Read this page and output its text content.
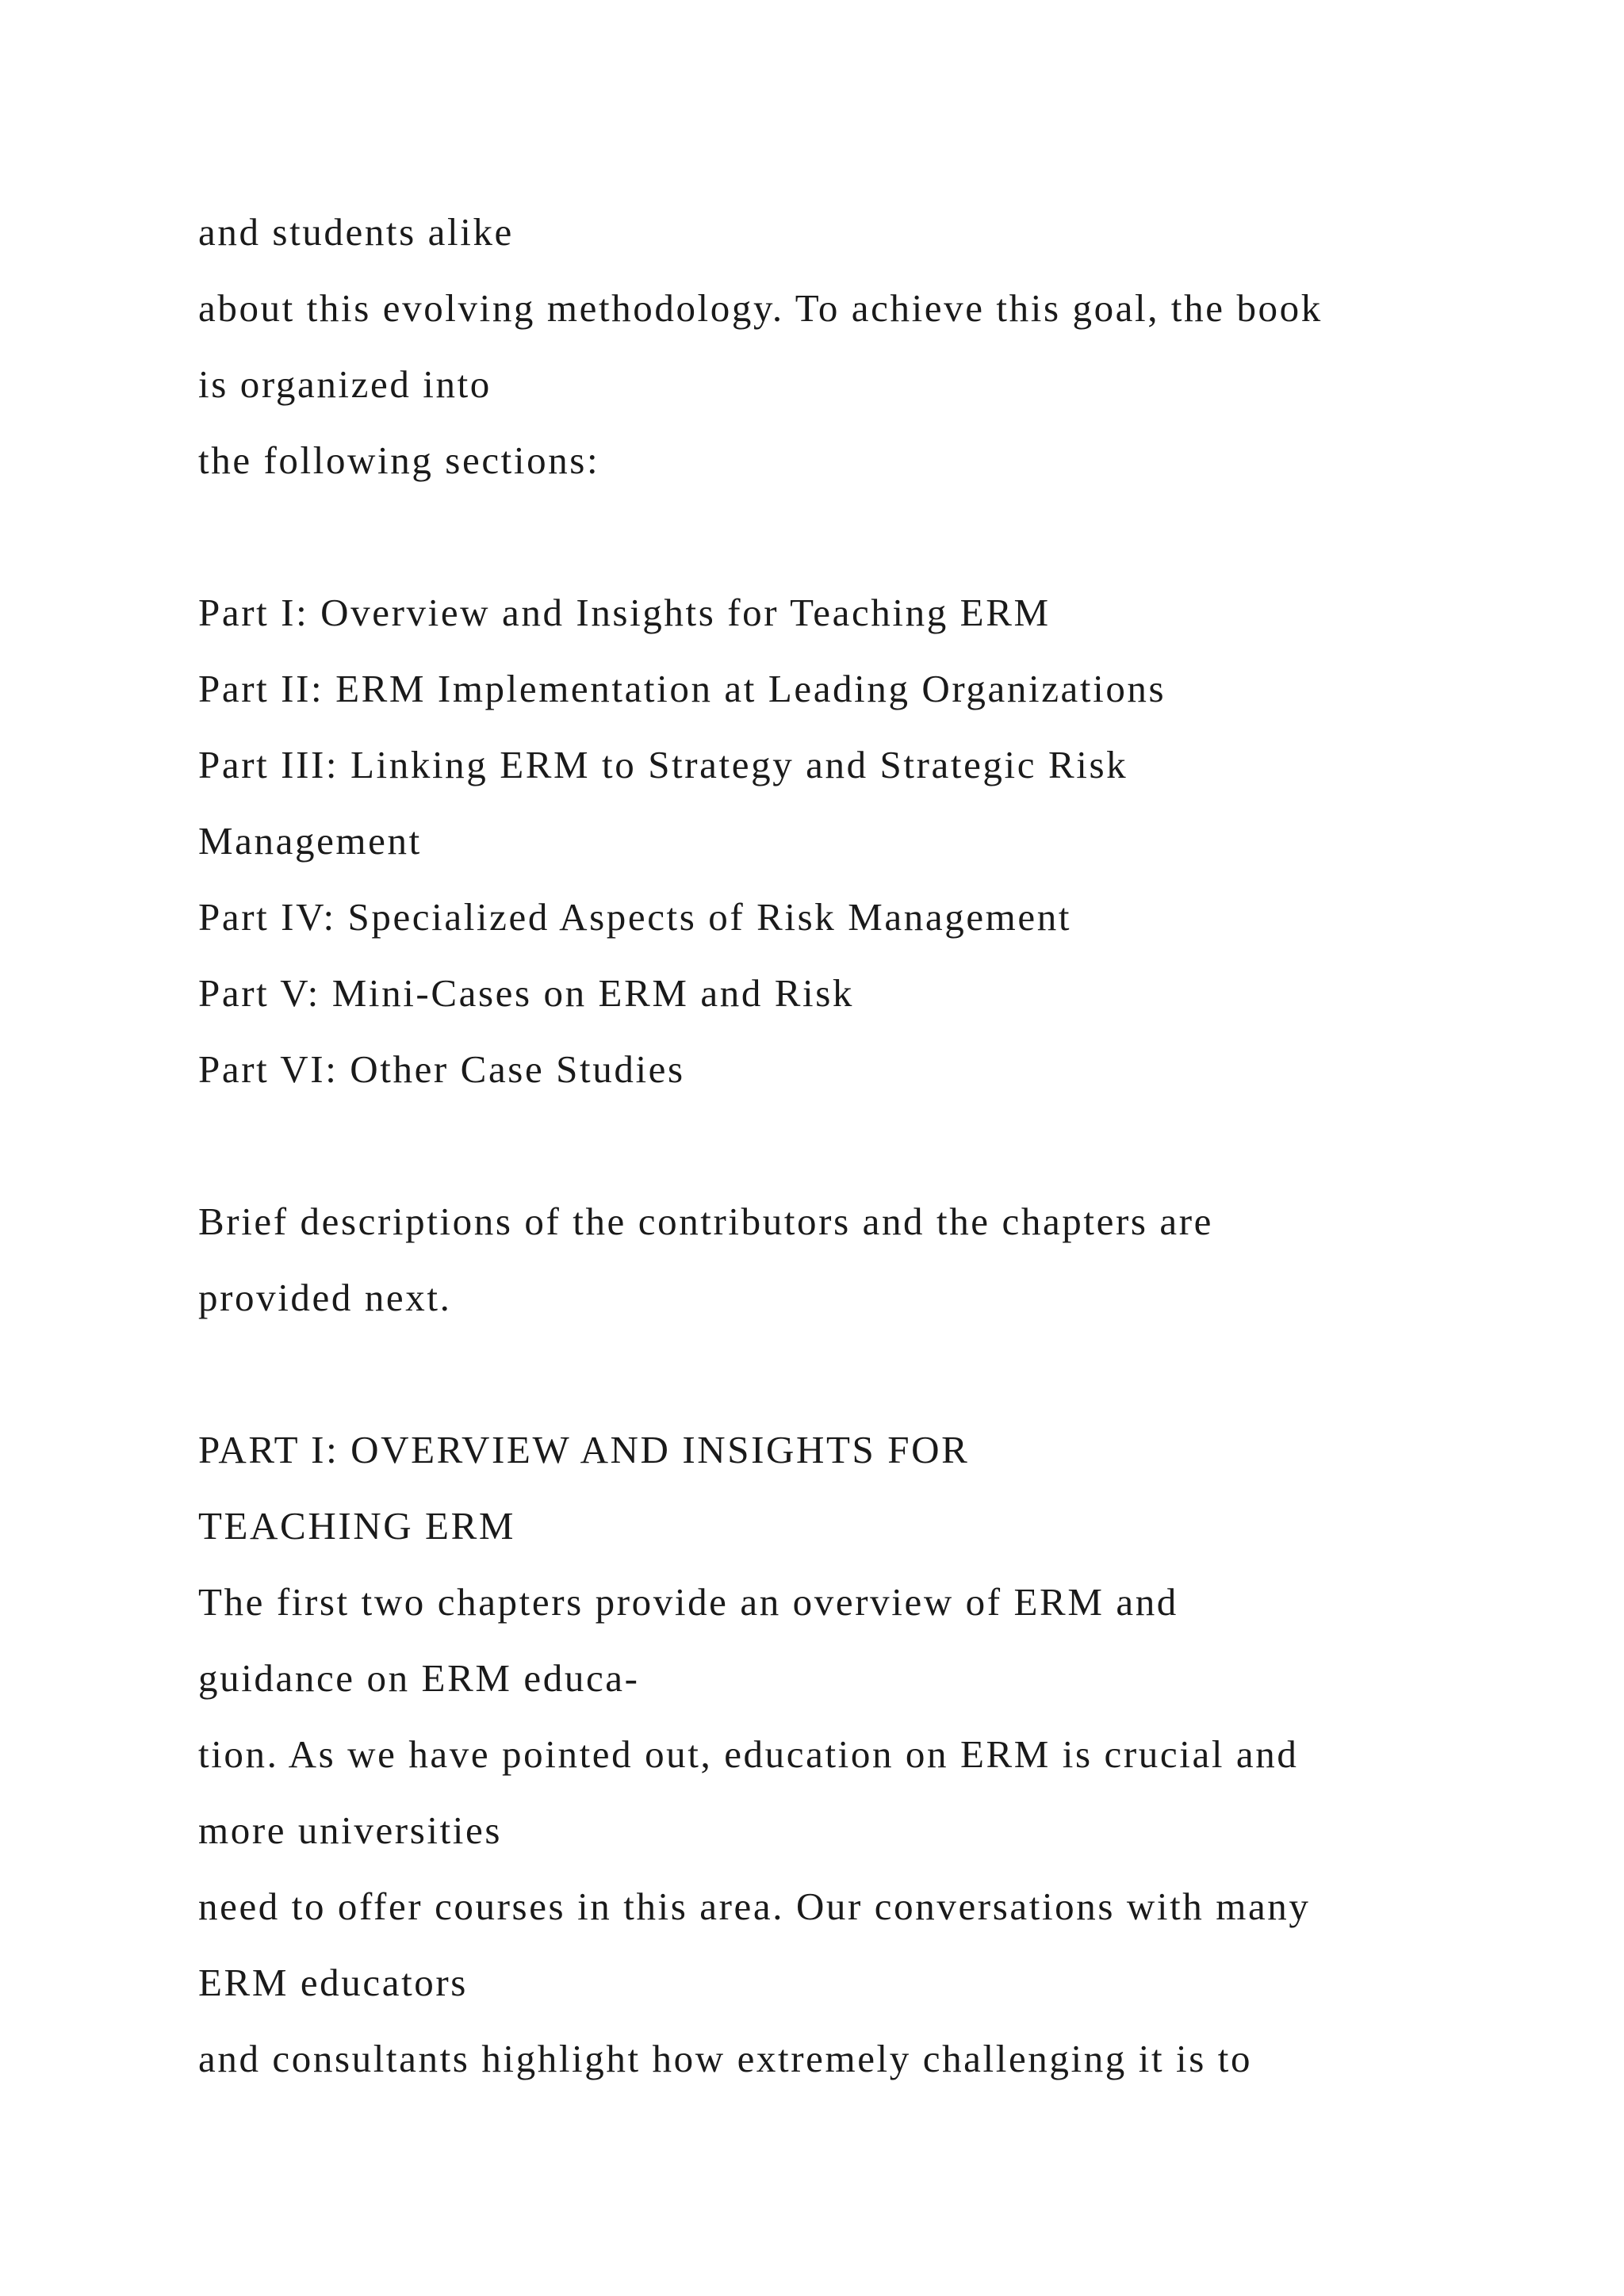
and students alike
about this evolving methodology. To achieve this goal, the book
is organized into
the following sections:
Part I: Overview and Insights for Teaching ERM
Part II: ERM Implementation at Leading Organizations
Part III: Linking ERM to Strategy and Strategic Risk
Management
Part IV: Specialized Aspects of Risk Management
Part V: Mini-Cases on ERM and Risk
Part VI: Other Case Studies
Brief descriptions of the contributors and the chapters are
provided next.
PART I: OVERVIEW AND INSIGHTS FOR
TEACHING ERM
The first two chapters provide an overview of ERM and
guidance on ERM educa-
tion. As we have pointed out, education on ERM is crucial and
more universities
need to offer courses in this area. Our conversations with many
ERM educators
and consultants highlight how extremely challenging it is to
